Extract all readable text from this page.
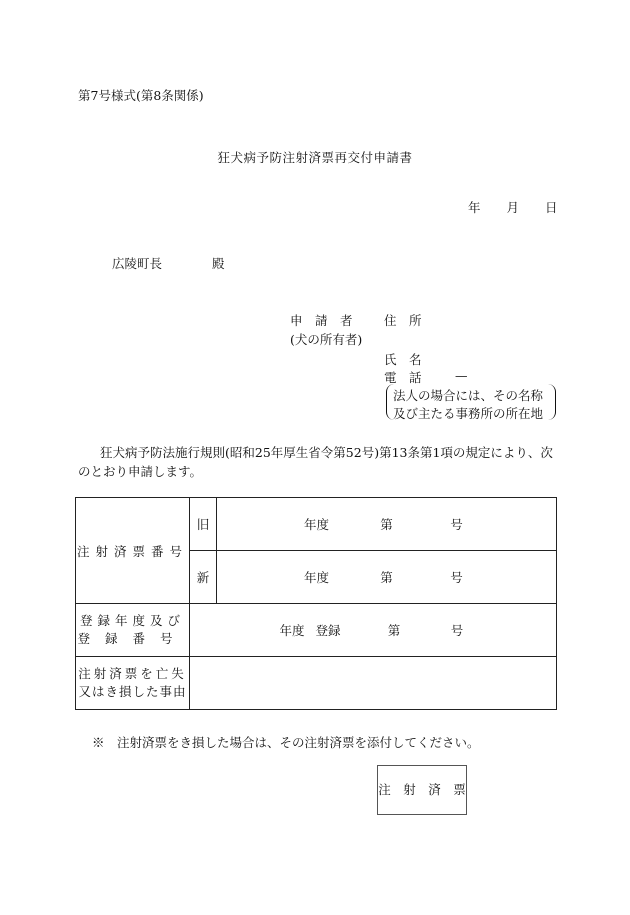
第7号様式(第8条関係)
狂犬病予防注射済票再交付申請書
年 月 日
広陵町長	殿
申　請　者
(犬の所有者)
住　所
氏　名
電　話	—
法人の場合には、その名称
及び主たる事務所の所在地
狂犬病予防法施行規則(昭和25年厚生省令第52号)第13条第1項の規定により、次のとおり申請します。
注射済票番号	旧	年度 第 号
	新	年度 第 号

登録年度及び
登録番号	年度 登録 第 号	

注射済票を亡失
又はき損した事由		

※　注射済票をき損した場合は、その注射済票を添付してください。
注　射　済　票
